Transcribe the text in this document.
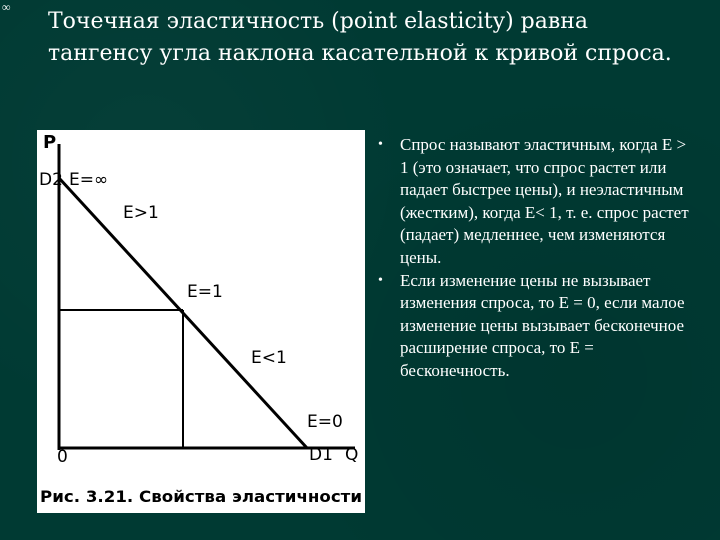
∞
Точечная эластичность (point elasticity) равна тангенсу угла наклона касательной к кривой спроса.
P
D2 E=∞
E>1
E=1
E<1
E=0
0	D1 Q
Рис. 3.21. Свойства эластичности
• Спрос называют эластичным, когда Е > 1 (это означает, что спрос растет или падает быстрее цены), и неэластичным (жестким), когда Е< 1, т. е. спрос растет (падает) медленнее, чем изменяются цены.
• Если изменение цены не вызывает изменения спроса, то Е = 0, если малое изменение цены вызывает бесконечное расширение спроса, то Е = бесконечность.
